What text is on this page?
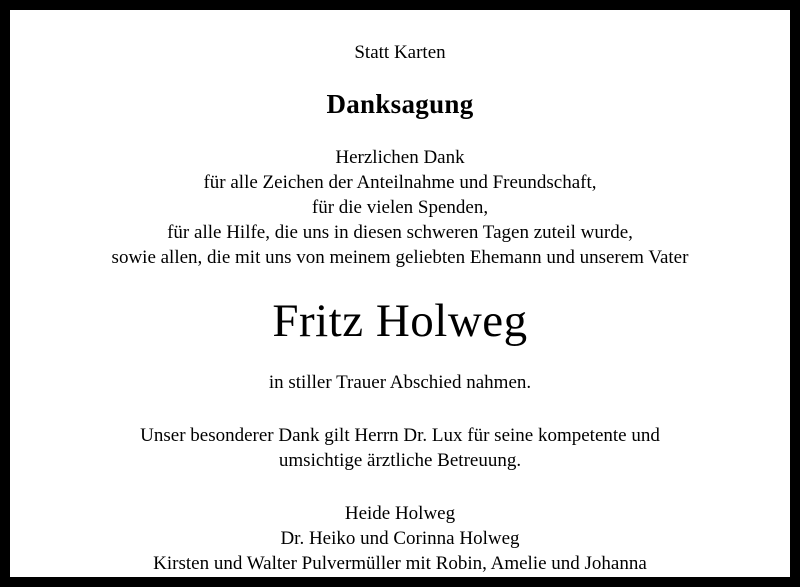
Statt Karten
Danksagung
Herzlichen Dank
für alle Zeichen der Anteilnahme und Freundschaft,
für die vielen Spenden,
für alle Hilfe, die uns in diesen schweren Tagen zuteil wurde,
sowie allen, die mit uns von meinem geliebten Ehemann und unserem Vater
Fritz Holweg
in stiller Trauer Abschied nahmen.
Unser besonderer Dank gilt Herrn Dr. Lux für seine kompetente und
umsichtige ärztliche Betreuung.
Heide Holweg
Dr. Heiko und Corinna Holweg
Kirsten und Walter Pulvermüller mit Robin, Amelie und Johanna
